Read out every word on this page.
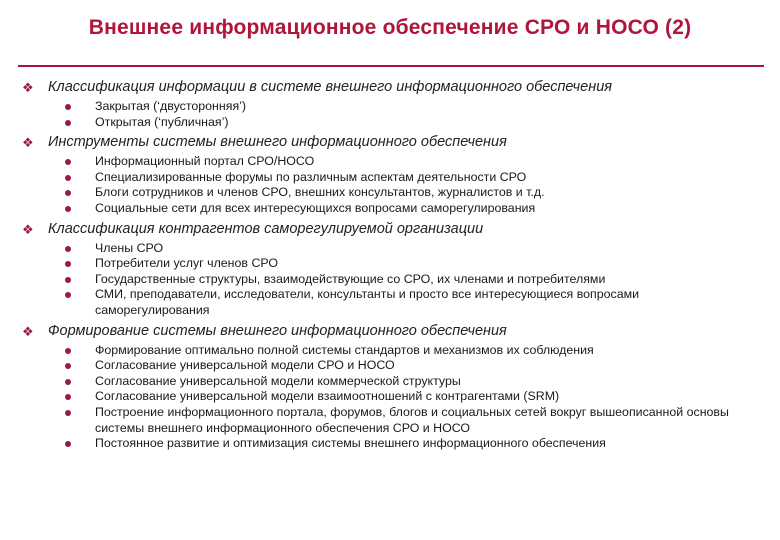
Внешнее информационное обеспечение СРО и НОСО (2)
❖ Классификация информации в системе внешнего информационного обеспечения
Закрытая (‘двусторонняя’)
Открытая (‘публичная’)
❖ Инструменты системы внешнего информационного обеспечения
Информационный портал СРО/НОСО
Специализированные форумы по различным аспектам деятельности СРО
Блоги сотрудников и членов СРО, внешних консультантов, журналистов и т.д.
Социальные сети для всех интересующихся вопросами саморегулирования
❖ Классификация контрагентов саморегулируемой организации
Члены СРО
Потребители услуг членов СРО
Государственные структуры, взаимодействующие со СРО, их членами и потребителями
СМИ, преподаватели, исследователи, консультанты и просто все интересующиеся вопросами саморегулирования
❖ Формирование системы внешнего информационного обеспечения
Формирование оптимально полной системы стандартов и механизмов их соблюдения
Согласование универсальной модели СРО и НОСО
Согласование универсальной модели коммерческой структуры
Согласование универсальной модели взаимоотношений с контрагентами (SRM)
Построение информационного портала, форумов, блогов и социальных сетей вокруг вышеописанной основы системы внешнего информационного обеспечения СРО и НОСО
Постоянное развитие и оптимизация системы внешнего информационного обеспечения
